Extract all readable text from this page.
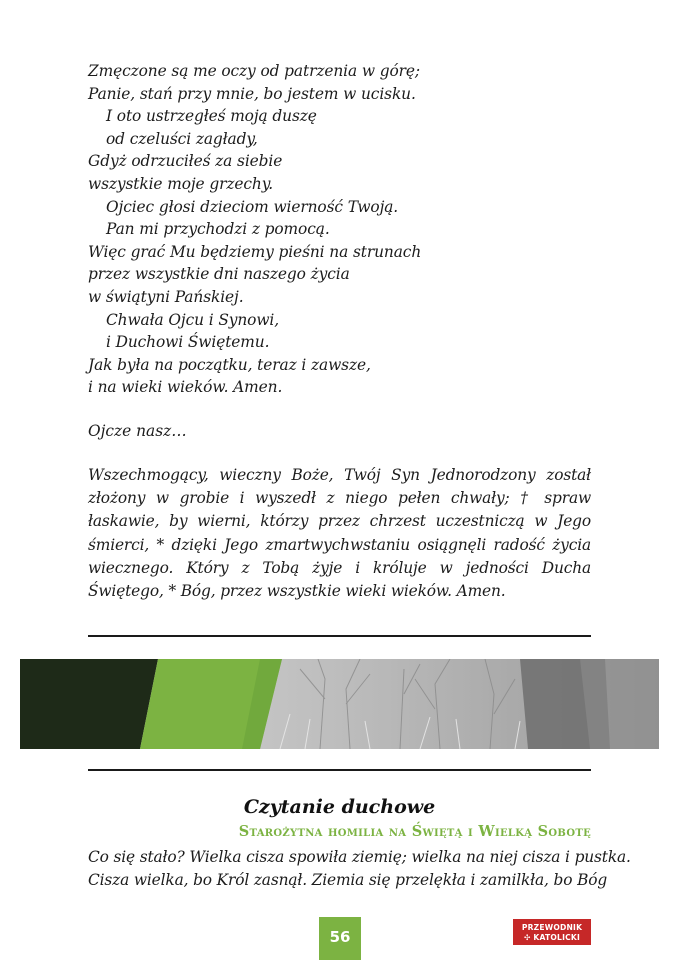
Zmęczone są me oczy od patrzenia w górę;
Panie, stań przy mnie, bo jestem w ucisku.
I oto ustrzegłeś moją duszę
od czeluści zagłady,
Gdyż odrzuciłeś za siebie
wszystkie moje grzechy.
Ojciec głosi dzieciom wierność Twoją.
Pan mi przychodzi z pomocą.
Więc grać Mu będziemy pieśni na strunach
przez wszystkie dni naszego życia
w świątyni Pańskiej.
Chwała Ojcu i Synowi,
i Duchowi Świętemu.
Jak była na początku, teraz i zawsze,
i na wieki wieków. Amen.
Ojcze nasz…
Wszechmogący, wieczny Boże, Twój Syn Jednorodzony został złożony w grobie i wyszedł z niego pełen chwały; † spraw łaskawie, by wierni, którzy przez chrzest uczestniczą w Jego śmierci, * dzięki Jego zmartwychwstaniu osiągnęli radość życia wiecznego. Który z Tobą żyje i króluje w jedności Ducha Świętego, * Bóg, przez wszystkie wieki wieków. Amen.
Czytanie duchowe
Starożytna homilia na Świętą i Wielką Sobotę
Co się stało? Wielka cisza spowiła ziemię; wielka na niej cisza i pustka.
Cisza wielka, bo Król zasnął. Ziemia się przelękła i zamilkła, bo Bóg
56
PRZEWODNIK
✣ KATOLICKI
